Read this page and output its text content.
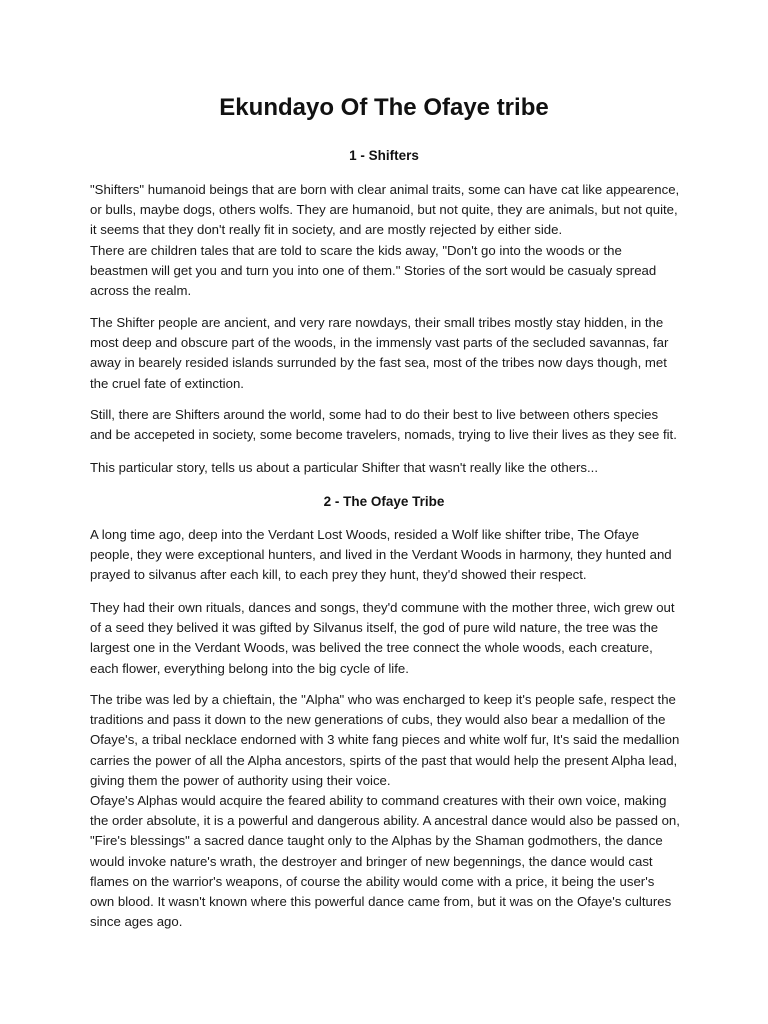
Ekundayo Of The Ofaye tribe
1 - Shifters

"Shifters" humanoid beings that are born with clear animal traits, some can have cat like appearence, or bulls, maybe dogs, others wolfs. They are humanoid, but not quite, they are animals, but not quite, it seems that they don't really fit in society, and are mostly rejected by either side.
There are children tales that are told to scare the kids away, "Don't go into the woods or the beastmen will get you and turn you into one of them." Stories of the sort would be casualy spread across the realm.

The Shifter people are ancient, and very rare nowdays, their small tribes mostly stay hidden, in the most deep and obscure part of the woods, in the immensly vast parts of the secluded savannas, far away in bearely resided islands surrunded by the fast sea, most of the tribes now days though, met the cruel fate of extinction.

Still, there are Shifters around the world, some had to do their best to live between others species and be accepeted in society, some become travelers, nomads, trying to live their lives as they see fit.

This particular story, tells us about a particular Shifter that wasn't really like the others...

2 - The Ofaye Tribe

A long time ago, deep into the Verdant Lost Woods, resided a Wolf like shifter tribe, The Ofaye people, they were exceptional hunters, and lived in the Verdant Woods in harmony, they hunted and prayed to silvanus after each kill, to each prey they hunt, they'd showed their respect.

They had their own rituals, dances and songs, they'd commune with the mother three, wich grew out of a seed they belived it was gifted by Silvanus itself, the god of pure wild nature, the tree was the largest one in the Verdant Woods, was belived the tree connect the whole woods, each creature, each flower, everything belong into the big cycle of life.

The tribe was led by a chieftain, the "Alpha" who was encharged to keep it's people safe, respect the traditions and pass it down to the new generations of cubs, they would also bear a medallion of the Ofaye's, a tribal necklace endorned with 3 white fang pieces and white wolf fur, It's said the medallion carries the power of all the Alpha ancestors, spirts of the past that would help the present Alpha lead, giving them the power of authority using their voice.
Ofaye's Alphas would acquire the feared ability to command creatures with their own voice, making the order absolute, it is a powerful and dangerous ability. A ancestral dance would also be passed on, "Fire's blessings" a sacred dance taught only to the Alphas by the Shaman godmothers, the dance would invoke nature's wrath, the destroyer and bringer of new begennings, the dance would cast flames on the warrior's weapons, of course the ability would come with a price, it being the user's own blood. It wasn't known where this powerful dance came from, but it was on the Ofaye's cultures since ages ago.
